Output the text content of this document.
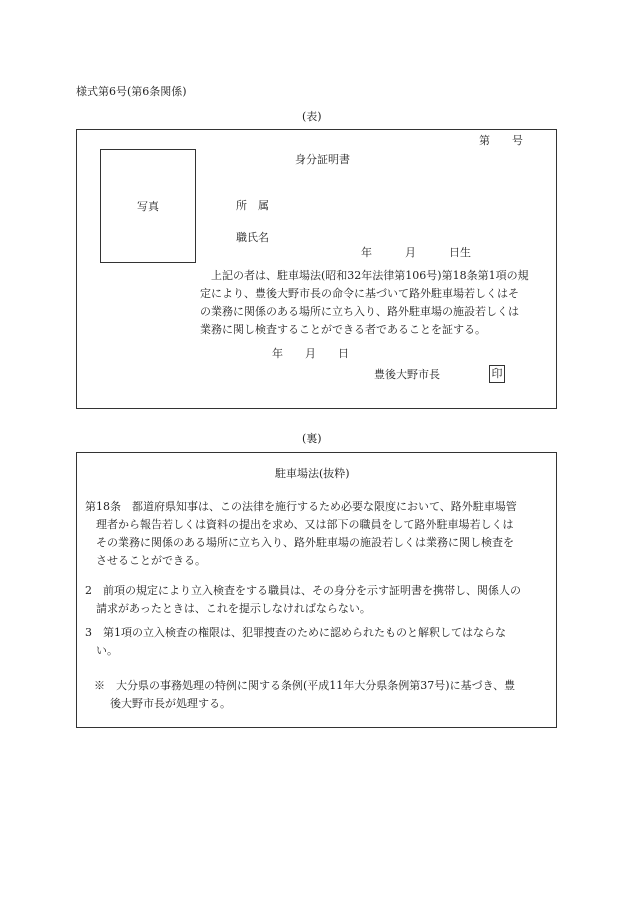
様式第6号(第6条関係)
(表)
第　　号
写真
身分証明書
所　属
職氏名
年　　　月　　　日生
上記の者は、駐車場法(昭和32年法律第106号)第18条第1項の規
定により、豊後大野市長の命令に基づいて路外駐車場若しくはそ
の業務に関係のある場所に立ち入り、路外駐車場の施設若しくは
業務に関し検査することができる者であることを証する。
年　　月　　日
豊後大野市長	印
(裏)
駐車場法(抜粋)
第18条　都道府県知事は、この法律を施行するため必要な限度において、路外駐車場管
理者から報告若しくは資料の提出を求め、又は部下の職員をして路外駐車場若しくは
その業務に関係のある場所に立ち入り、路外駐車場の施設若しくは業務に関し検査を
させることができる。
2　前項の規定により立入検査をする職員は、その身分を示す証明書を携帯し、関係人の
請求があったときは、これを提示しなければならない。
3　第1項の立入検査の権限は、犯罪捜査のために認められたものと解釈してはならな
い。
※　大分県の事務処理の特例に関する条例(平成11年大分県条例第37号)に基づき、豊
後大野市長が処理する。
